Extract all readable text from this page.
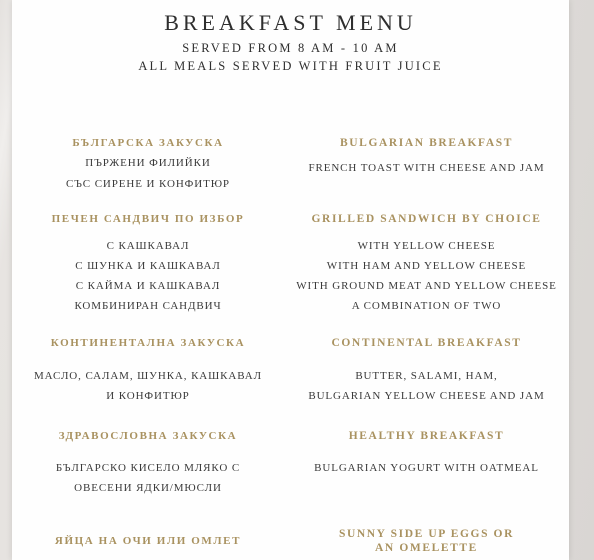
BREAKFAST MENU
SERVED FROM 8 AM - 10 AM
ALL MEALS SERVED WITH FRUIT JUICE
БЪЛГАРСКА ЗАКУСКА
ПЪРЖЕНИ ФИЛИЙКИ
СЪС СИРЕНЕ И КОНФИТЮР
ПЕЧЕН САНДВИЧ ПО ИЗБОР
С КАШКАВАЛ
С ШУНКА И КАШКАВАЛ
С КАЙМА И КАШКАВАЛ
КОМБИНИРАН САНДВИЧ
КОНТИНЕНТАЛНА ЗАКУСКА
МАСЛО, САЛАМ, ШУНКА, КАШКАВАЛ
И КОНФИТЮР
ЗДРАВОСЛОВНА ЗАКУСКА
БЪЛГАРСКО КИСЕЛО МЛЯКО С
ОВЕСЕНИ ЯДКИ/МЮСЛИ
ЯЙЦА НА ОЧИ ИЛИ ОМЛЕТ
BULGARIAN BREAKFAST
FRENCH TOAST WITH CHEESE AND JAM
GRILLED SANDWICH BY CHOICE
WITH YELLOW CHEESE
WITH HAM AND YELLOW CHEESE
WITH GROUND MEAT AND YELLOW CHEESE
A COMBINATION OF TWO
CONTINENTAL BREAKFAST
BUTTER, SALAMI, HAM,
BULGARIAN YELLOW CHEESE AND JAM
HEALTHY BREAKFAST
BULGARIAN YOGURT WITH OATMEAL
SUNNY SIDE UP EGGS OR
AN OMELETTE
